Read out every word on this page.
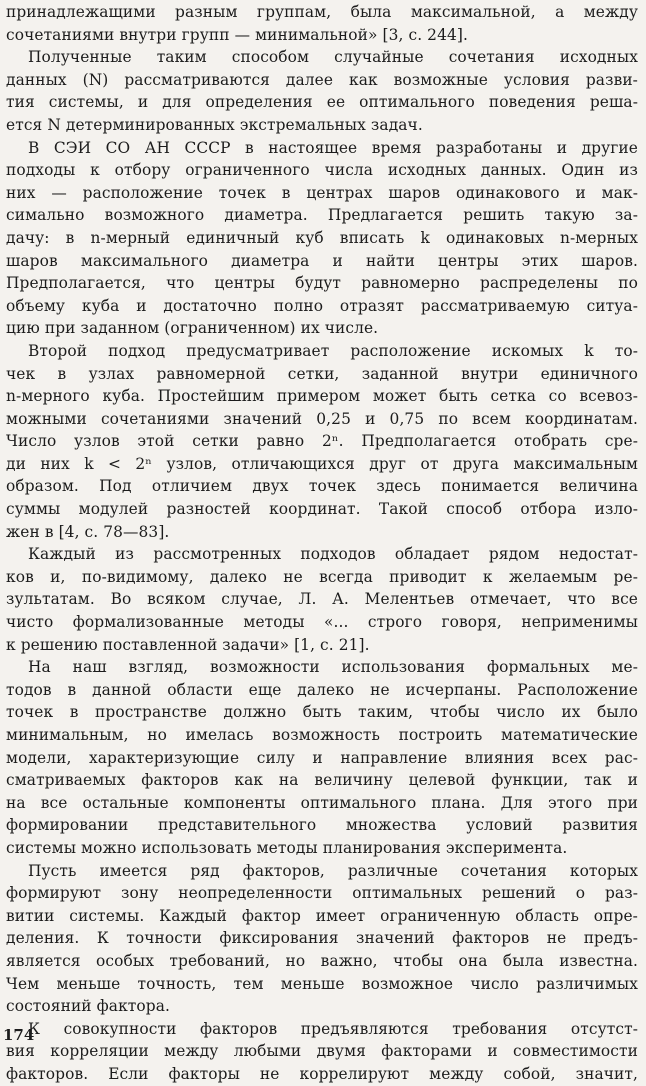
принадлежащими разным группам, была максимальной, а между
сочетаниями внутри групп — минимальной» [3, с. 244].
Полученные таким способом случайные сочетания исходных
данных (N) рассматриваются далее как возможные условия разви-
тия системы, и для определения ее оптимального поведения реша-
ется N детерминированных экстремальных задач.
В СЭИ СО АН СССР в настоящее время разработаны и другие
подходы к отбору ограниченного числа исходных данных. Один из
них — расположение точек в центрах шаров одинакового и мак-
симально возможного диаметра. Предлагается решить такую за-
дачу: в n-мерный единичный куб вписать k одинаковых n-мерных
шаров максимального диаметра и найти центры этих шаров.
Предполагается, что центры будут равномерно распределены по
объему куба и достаточно полно отразят рассматриваемую ситуа-
цию при заданном (ограниченном) их числе.
Второй подход предусматривает расположение искомых k то-
чек в узлах равномерной сетки, заданной внутри единичного
n-мерного куба. Простейшим примером может быть сетка со всевоз-
можными сочетаниями значений 0,25 и 0,75 по всем координатам.
Число узлов этой сетки равно 2ⁿ. Предполагается отобрать сре-
ди них k < 2ⁿ узлов, отличающихся друг от друга максимальным
образом. Под отличием двух точек здесь понимается величина
суммы модулей разностей координат. Такой способ отбора изло-
жен в [4, с. 78—83].
Каждый из рассмотренных подходов обладает рядом недостат-
ков и, по-видимому, далеко не всегда приводит к желаемым ре-
зультатам. Во всяком случае, Л. А. Мелентьев отмечает, что все
чисто формализованные методы «... строго говоря, неприменимы
к решению поставленной задачи» [1, с. 21].
На наш взгляд, возможности использования формальных ме-
тодов в данной области еще далеко не исчерпаны. Расположение
точек в пространстве должно быть таким, чтобы число их было
минимальным, но имелась возможность построить математические
модели, характеризующие силу и направление влияния всех рас-
сматриваемых факторов как на величину целевой функции, так и
на все остальные компоненты оптимального плана. Для этого при
формировании представительного множества условий развития
системы можно использовать методы планирования эксперимента.
Пусть имеется ряд факторов, различные сочетания которых
формируют зону неопределенности оптимальных решений о раз-
витии системы. Каждый фактор имеет ограниченную область опре-
деления. К точности фиксирования значений факторов не предъ-
является особых требований, но важно, чтобы она была известна.
Чем меньше точность, тем меньше возможное число различимых
состояний фактора.
К совокупности факторов предъявляются требования отсутст-
вия корреляции между любыми двумя факторами и совместимости
факторов. Если факторы не коррелируют между собой, значит,
174
